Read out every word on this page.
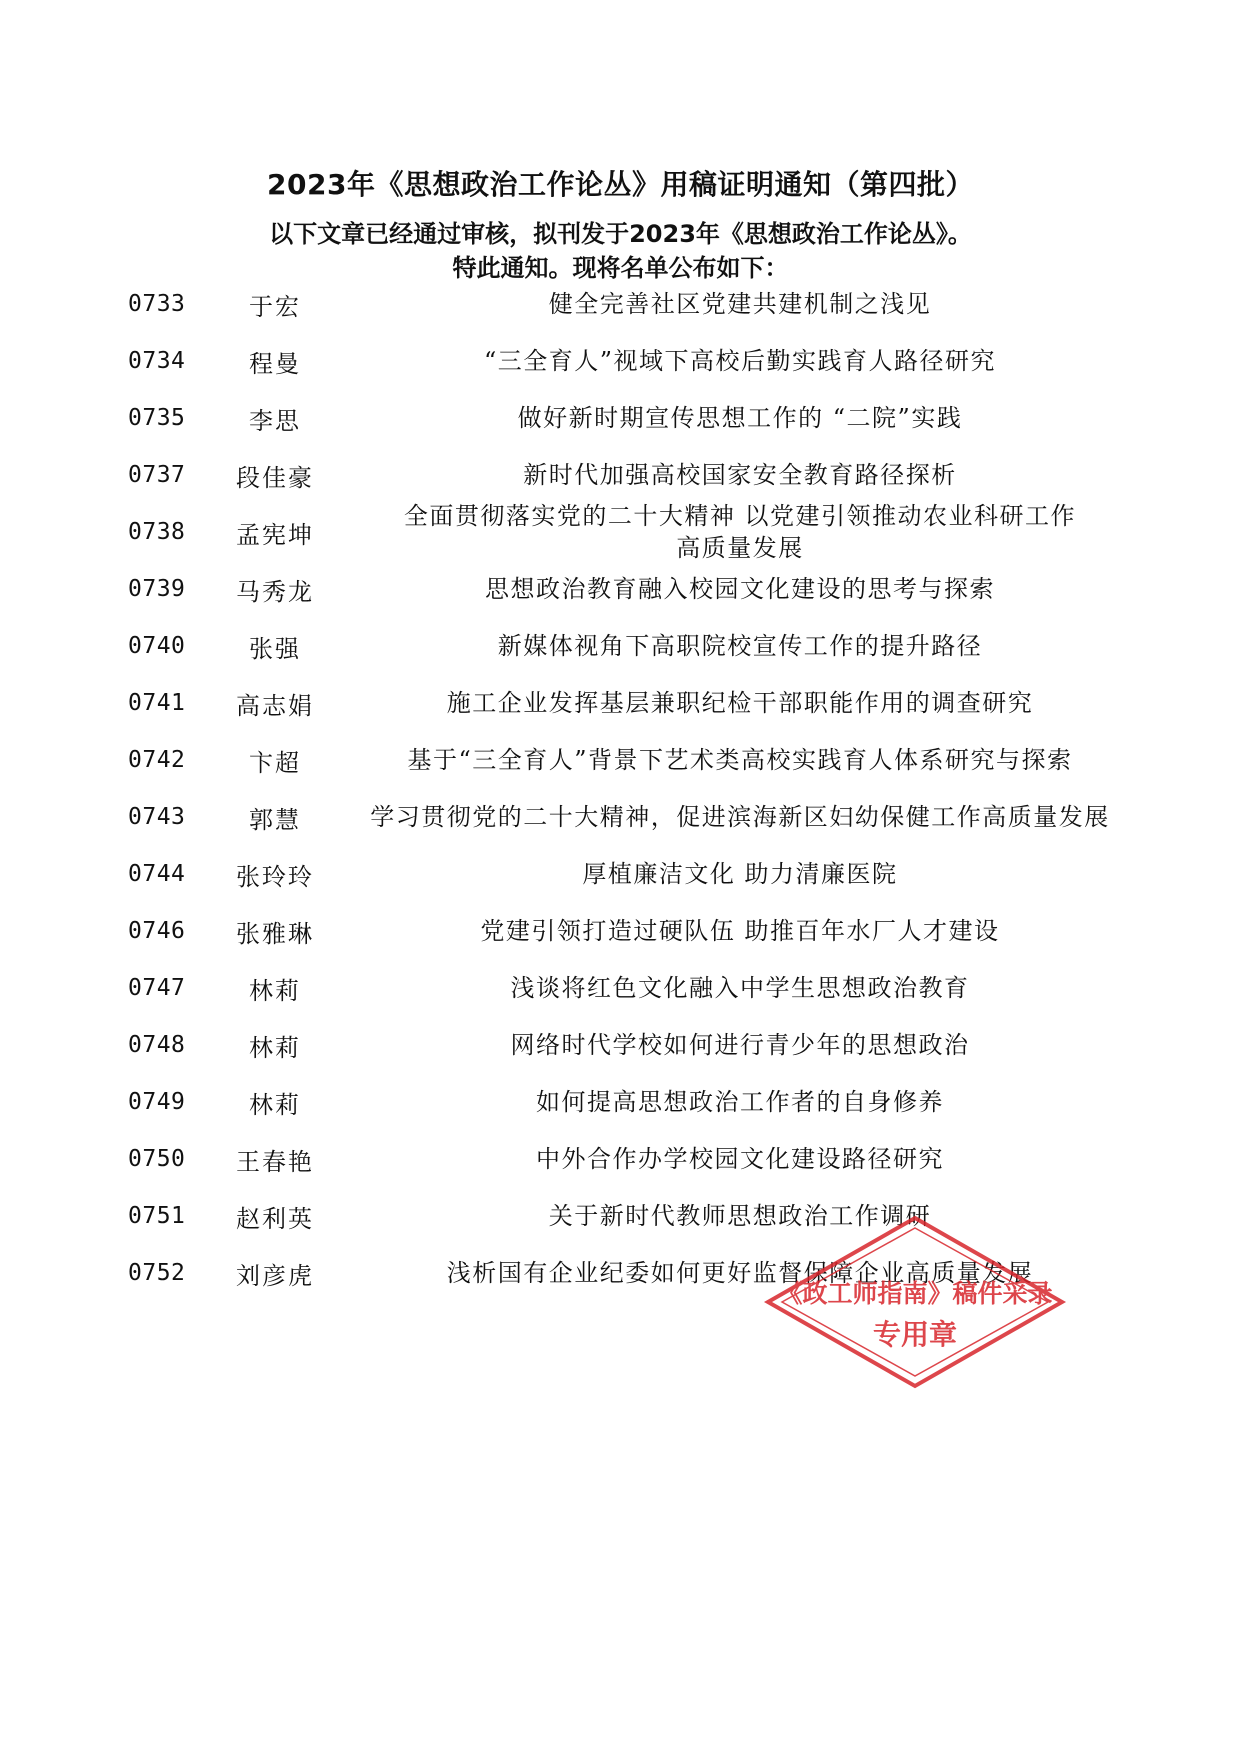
2023年《思想政治工作论丛》用稿证明通知（第四批）
以下文章已经通过审核，拟刊发于2023年《思想政治工作论丛》。
特此通知。现将名单公布如下：
0733	于宏	健全完善社区党建共建机制之浅见
0734	程曼	“三全育人”视域下高校后勤实践育人路径研究
0735	李思	做好新时期宣传思想工作的 “二院”实践
0737	段佳豪	新时代加强高校国家安全教育路径探析
0738	孟宪坤
全面贯彻落实党的二十大精神 以党建引领推动农业科研工作
高质量发展
0739	马秀龙	思想政治教育融入校园文化建设的思考与探索
0740	张强	新媒体视角下高职院校宣传工作的提升路径
0741	高志娟	施工企业发挥基层兼职纪检干部职能作用的调查研究
0742	卞超	基于“三全育人”背景下艺术类高校实践育人体系研究与探索
0743	郭慧	学习贯彻党的二十大精神，促进滨海新区妇幼保健工作高质量发展
0744	张玲玲	厚植廉洁文化 助力清廉医院
0746	张雅琳	党建引领打造过硬队伍 助推百年水厂人才建设
0747	林莉	浅谈将红色文化融入中学生思想政治教育
0748	林莉	网络时代学校如何进行青少年的思想政治
0749	林莉	如何提高思想政治工作者的自身修养
0750	王春艳	中外合作办学校园文化建设路径研究
0751	赵利英	关于新时代教师思想政治工作调研
0752	刘彦虎	浅析国有企业纪委如何更好监督保障企业高质量发展
《政工师指南》稿件采录
专用章
